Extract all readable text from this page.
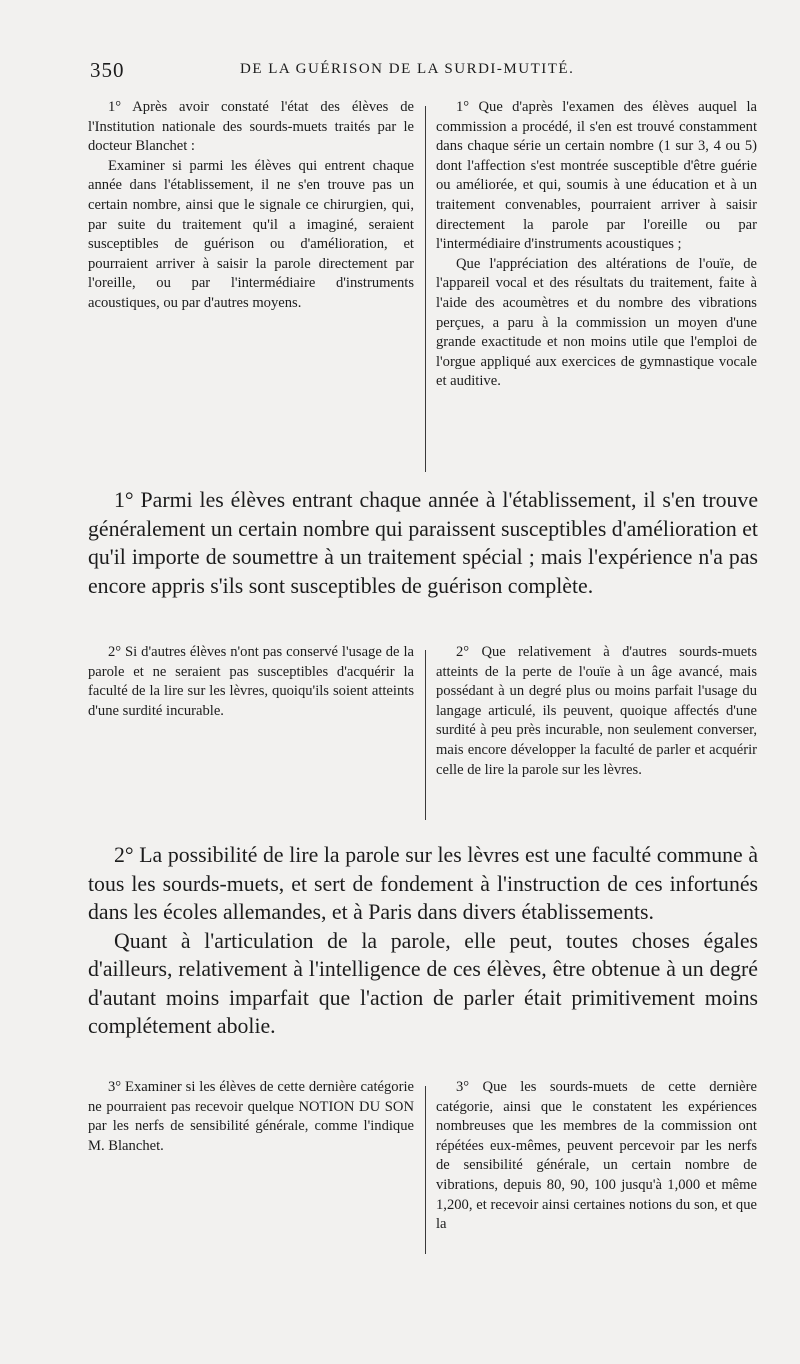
350	DE LA GUÉRISON DE LA SURDI-MUTITÉ.

1° Après avoir constaté l'état des élèves de l'Institution nationale des sourds-muets traités par le docteur Blanchet :

Examiner si parmi les élèves qui entrent chaque année dans l'établissement, il ne s'en trouve pas un certain nombre, ainsi que le signale ce chirurgien, qui, par suite du traitement qu'il a imaginé, seraient susceptibles de guérison ou d'amélioration, et pourraient arriver à saisir la parole directement par l'oreille, ou par l'intermédiaire d'instruments acoustiques, ou par d'autres moyens.

1° Que d'après l'examen des élèves auquel la commission a procédé, il s'en est trouvé constamment dans chaque série un certain nombre (1 sur 3, 4 ou 5) dont l'affection s'est montrée susceptible d'être guérie ou améliorée, et qui, soumis à une éducation et à un traitement convenables, pourraient arriver à saisir directement la parole par l'oreille ou par l'intermédiaire d'instruments acoustiques ;

Que l'appréciation des altérations de l'ouïe, de l'appareil vocal et des résultats du traitement, faite à l'aide des acoumètres et du nombre des vibrations perçues, a paru à la commission un moyen d'une grande exactitude et non moins utile que l'emploi de l'orgue appliqué aux exercices de gymnastique vocale et auditive.

1° Parmi les élèves entrant chaque année à l'établissement, il s'en trouve généralement un certain nombre qui paraissent susceptibles d'amélioration et qu'il importe de soumettre à un traitement spécial ; mais l'expérience n'a pas encore appris s'ils sont susceptibles de guérison complète.

2° Si d'autres élèves n'ont pas conservé l'usage de la parole et ne seraient pas susceptibles d'acquérir la faculté de la lire sur les lèvres, quoiqu'ils soient atteints d'une surdité incurable.

2° Que relativement à d'autres sourds-muets atteints de la perte de l'ouïe à un âge avancé, mais possédant à un degré plus ou moins parfait l'usage du langage articulé, ils peuvent, quoique affectés d'une surdité à peu près incurable, non seulement converser, mais encore développer la faculté de parler et acquérir celle de lire la parole sur les lèvres.

2° La possibilité de lire la parole sur les lèvres est une faculté commune à tous les sourds-muets, et sert de fondement à l'instruction de ces infortunés dans les écoles allemandes, et à Paris dans divers établissements.

Quant à l'articulation de la parole, elle peut, toutes choses égales d'ailleurs, relativement à l'intelligence de ces élèves, être obtenue à un degré d'autant moins imparfait que l'action de parler était primitivement moins complétement abolie.

3° Examiner si les élèves de cette dernière catégorie ne pourraient pas recevoir quelque NOTION DU SON par les nerfs de sensibilité générale, comme l'indique M. Blanchet.

3° Que les sourds-muets de cette dernière catégorie, ainsi que le constatent les expériences nombreuses que les membres de la commission ont répétées eux-mêmes, peuvent percevoir par les nerfs de sensibilité générale, un certain nombre de vibrations, depuis 80, 90, 100 jusqu'à 1,000 et même 1,200, et recevoir ainsi certaines notions du son, et que la
